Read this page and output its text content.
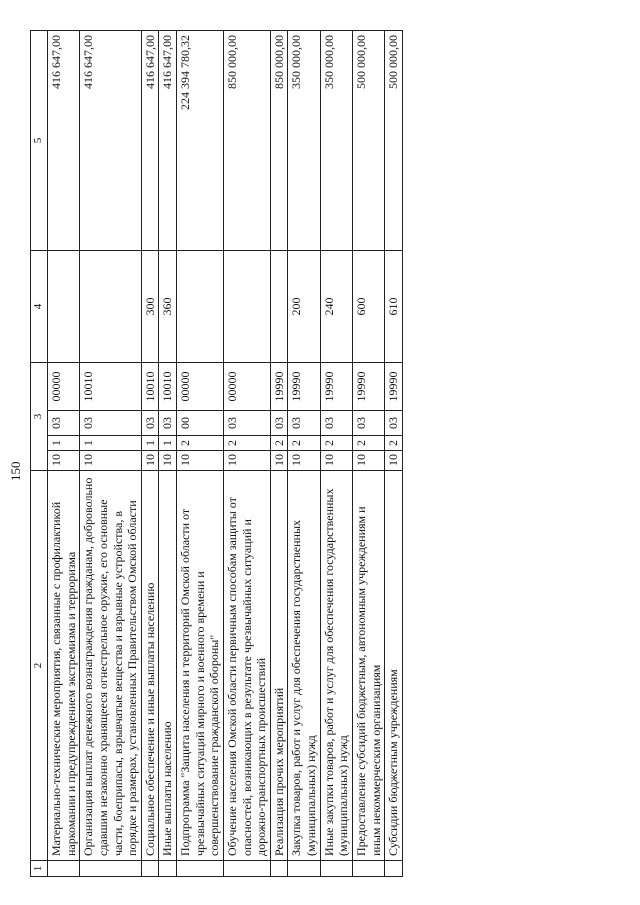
150
1	2	3				4	5
	Материально-технические мероприятия, связанные с профилактикой наркомании и предупреждением экстремизма и терроризма	10	1	03	00000		416 647,00
	Организация выплат денежного вознаграждения гражданам, добровольно сдавшим незаконно хранящееся огнестрельное оружие, его основные части, боеприпасы, взрывчатые вещества и взрывные устройства, в порядке и размерах, установленных Правительством Омской области	10	1	03	10010		416 647,00
	Социальное обеспечение и иные выплаты населению	10	1	03	10010	300	416 647,00
	Иные выплаты населению	10	1	03	10010	360	416 647,00
	Подпрограмма "Защита населения и территорий Омской области от чрезвычайных ситуаций мирного и военного времени и совершенствование гражданской обороны"	10	2	00	00000		224 394 780,32
	Обучение населения Омской области первичным способам защиты от опасностей, возникающих в результате чрезвычайных ситуаций и дорожно-транспортных происшествий	10	2	03	00000		850 000,00
	Реализация прочих мероприятий	10	2	03	19990		850 000,00
	Закупка товаров, работ и услуг для обеспечения государственных (муниципальных) нужд	10	2	03	19990	200	350 000,00
	Иные закупки товаров, работ и услуг для обеспечения государственных (муниципальных) нужд	10	2	03	19990	240	350 000,00
	Предоставление субсидий бюджетным, автономным учреждениям и иным некоммерческим организациям	10	2	03	19990	600	500 000,00
	Субсидии бюджетным учреждениям	10	2	03	19990	610	500 000,00
